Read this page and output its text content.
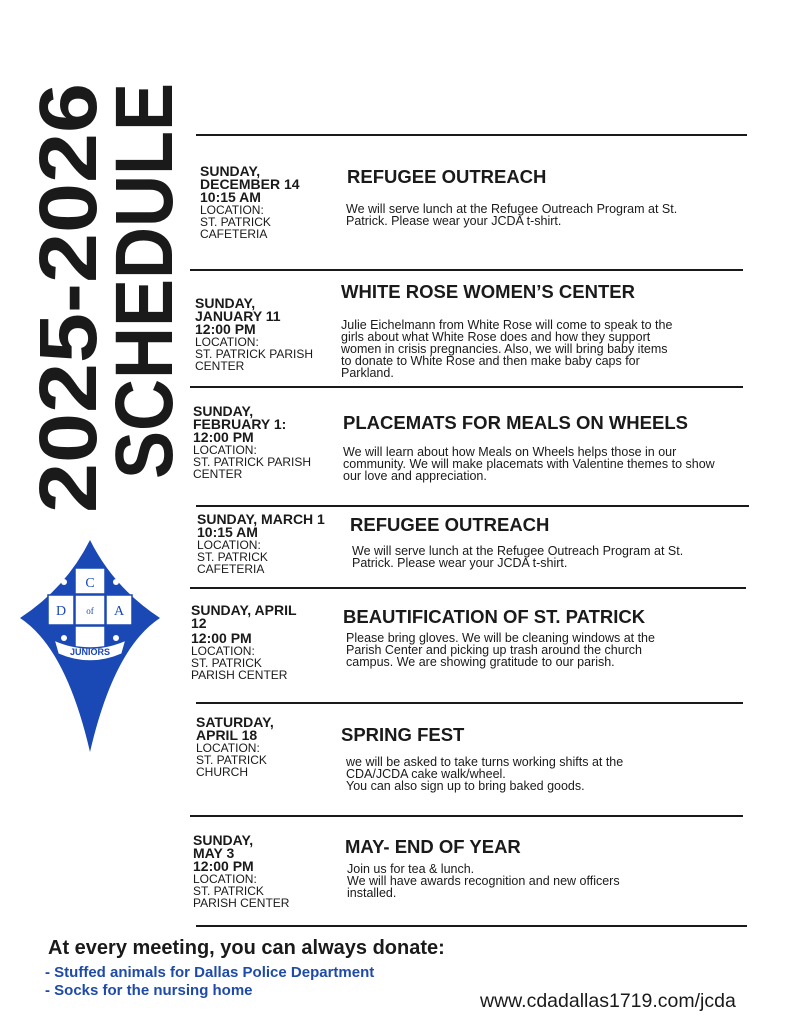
2025-2026
SCHEDULE
C
D of A
JUNIORS
SUNDAY,
DECEMBER 14
10:15 AM
LOCATION:
ST. PATRICK
CAFETERIA
REFUGEE OUTREACH
We will serve lunch at the Refugee Outreach Program at St.
Patrick. Please wear your JCDA t-shirt.
SUNDAY,
JANUARY 11
12:00 PM
LOCATION:
ST. PATRICK PARISH
CENTER
WHITE ROSE WOMEN’S CENTER
Julie Eichelmann from White Rose will come to speak to the
girls about what White Rose does and how they support
women in crisis pregnancies. Also, we will bring baby items
to donate to White Rose and then make baby caps for
Parkland.
SUNDAY,
FEBRUARY 1:
12:00 PM
LOCATION:
ST. PATRICK PARISH
CENTER
PLACEMATS FOR MEALS ON WHEELS
We will learn about how Meals on Wheels helps those in our
community. We will make placemats with Valentine themes to show
our love and appreciation.
SUNDAY, MARCH 1
10:15 AM
LOCATION:
ST. PATRICK
CAFETERIA
REFUGEE OUTREACH
We will serve lunch at the Refugee Outreach Program at St.
Patrick. Please wear your JCDA t-shirt.
SUNDAY, APRIL
12
12:00 PM
LOCATION:
ST. PATRICK
PARISH CENTER
BEAUTIFICATION OF ST. PATRICK
Please bring gloves. We will be cleaning windows at the
Parish Center and picking up trash around the church
campus. We are showing gratitude to our parish.
SATURDAY,
APRIL 18
LOCATION:
ST. PATRICK
CHURCH
SPRING FEST
we will be asked to take turns working shifts at the
CDA/JCDA cake walk/wheel.
You can also sign up to bring baked goods.
SUNDAY,
MAY 3
12:00 PM
LOCATION:
ST. PATRICK
PARISH CENTER
MAY- END OF YEAR
Join us for tea & lunch.
We will have awards recognition and new officers
installed.
At every meeting, you can always donate:
- Stuffed animals for Dallas Police Department
- Socks for the nursing home	www.cdadallas1719.com/jcda
